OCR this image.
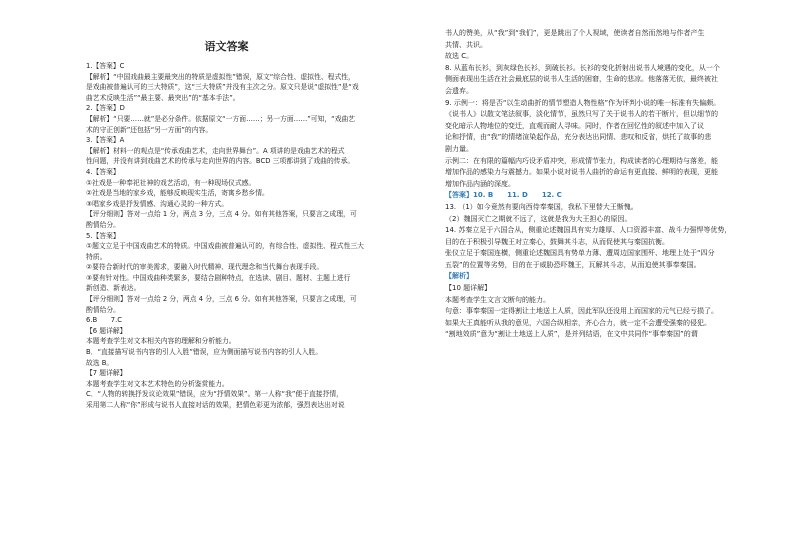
语文答案
1.【答案】C
【解析】“中国戏曲最主要最突出的特质是虚拟性”错误，原文“综合性、虚拟性、程式性，
是戏曲被普遍认可的三大特质”，这“三大特质”并没有主次之分。原文只是说“虚拟性”是“戏
曲艺术反映生活”“最主要、最突出”的“基本手法”。
2.【答案】D
【解析】“只要……就”是必分条件。依据原文“一方面……；另一方面……”可知，“戏曲艺
术的守正创新”还包括“另一方面”的内容。
3.【答案】A
【解析】材料一的观点是“传承戏曲艺术，走向世界舞台”。A 项讲的是戏曲艺术的程式
性问题，并没有讲到戏曲艺术的传承与走向世界的内容。BCD 三项都讲到了戏曲的传承。
4.【答案】
①社戏是一种奉祀社神的戏艺活动，有一种现场仪式感。
②社戏是当地的家乡戏，能够反映现实生活，寄寓乡愁乡情。
③唱家乡戏是抒发情感、沟通心灵的一种方式。
【评分细则】答对一点给 1 分，两点 3 分，三点 4 分。如有其他答案，只要言之成理，可
酌情给分。
5.【答案】
①题文立足于中国戏曲艺术的特质。中国戏曲被普遍认可的，有综合性、虚拟性、程式性三大
特质。
②要符合新时代的审美需求，要融入时代精神、现代理念和当代舞台表现手段。
③要有针对性。中国戏曲种类繁多，要结合剧种特点，在选读、剧目、题材、主题上进行
新创造、新表达。
【评分细则】答对一点给 2 分，两点 4 分，三点 6 分。如有其他答案，只要言之成理，可
酌情给分。
6.B　　7.C
【6 题详解】
本题考查学生对文本相关内容的理解和分析能力。
B．“直接描写说书内容的引人入胜”错误，应为侧面描写说书内容的引人入胜。
故选 B。
【7 题详解】
本题考查学生对文本艺术特色的分析鉴赏能力。
C．“人物的转换抒发议论效果”错误，应为“抒情效果”。第一人称“我”便于直接抒情，
采用第二人称“你”形成与说书人直接对话的效果，把情色彩更为浓郁，强烈表达出对说
书人的赞美，从“我”到“我们”，更是跳出了个人视域，使读者自然而然地与作者产生
共情、共识。
故选 C。
8. 从蓝布长衫，到灰绿色长衫，到破长衫。长衫的变化折射出说书人境遇的变化，从一个
侧面表现出生活在社会最底层的说书人生活的困窘，生命的悲凉。他落落无依，最终被社
会遗弃。
9. 示例一：将是否“以生动曲折的情节塑造人物性格”作为评判小说的唯一标准有失偏颇。
《说书人》以散文笔法叙事，淡化情节，虽然只写了关于说书人的若干断片，但以细节的
变化暗示人物地位的变迁，直观而耐人寻味。同时，作者在回忆性的叙述中加入了议
论和抒情，由“我”的情绪渲染起作品，充分表达出同情、悲叹和反省，烘托了故事的悲
剧力量。
示例二：在有限的篇幅内巧设矛盾冲突，形成情节张力，构成读者的心理期待与落差，能
增加作品的感染力与震撼力。如果小说对说书人曲折的命运有更直接、鲜明的表现，更能
增加作品内涵的深度。
【答案】10. B　　11. D　　12. C
13. （1）如今竟然有要向西侍奉秦国，我私下里替大王惭愧。
（2）魏国灭亡之期就不远了，这就是我为大王担心的原因。
14. 苏秦立足于六国合从，侧重论述魏国具有实力雄厚、人口资源丰富、战斗力强悍等优势，
目的在于积极引导魏王对立秦心，鼓舞其斗志，从而促使其与秦国抗衡。
张仪立足于秦国连横，侧重论述魏国具有势单力薄、遭周边国家围歼、地理上处于“四分
五裂”的位置等劣势，目的在于威胁恐吓魏王，瓦解其斗志，从而迫使其事奉秦国。
【解析】
【10 题详解】
本题考查学生文言文断句的能力。
句意：事奉秦国一定得割让土地送上人质，因此军队还没用上而国家的元气已经亏损了。
如果大王真能听从我的意见，六国合纵相亲，齐心合力，就一定不会遭受强秦的侵犯。
“割地效质”意为“割让土地送上人质”，是并列结语，在文中共同作“事奉秦国”的谓
